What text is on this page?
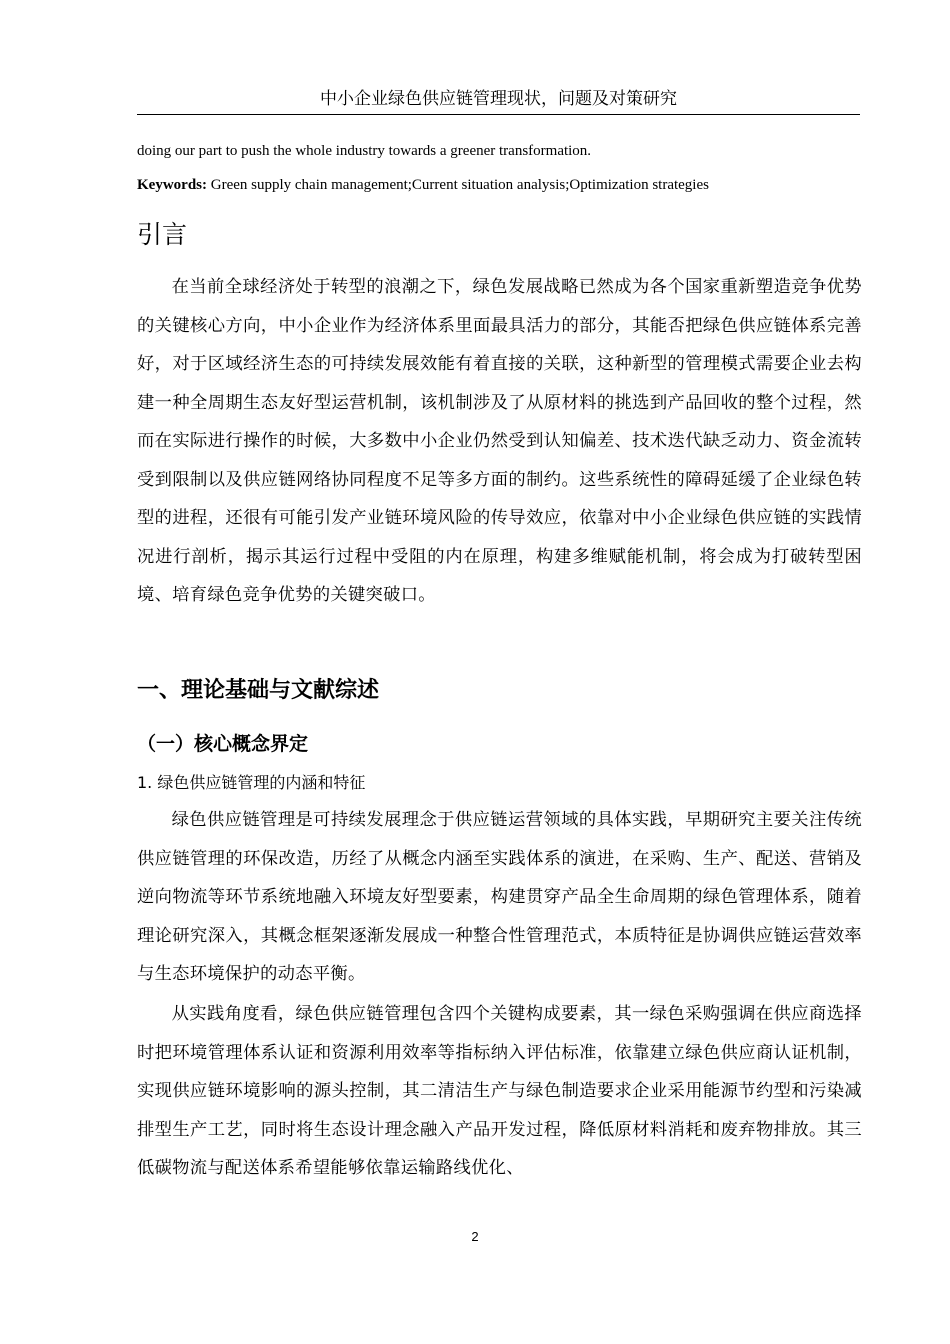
中小企业绿色供应链管理现状，问题及对策研究
doing our part to push the whole industry towards a greener transformation.
Keywords: Green supply chain management;Current situation analysis;Optimization strategies
引言

在当前全球经济处于转型的浪潮之下，绿色发展战略已然成为各个国家重新塑造竞争优势的关键核心方向，中小企业作为经济体系里面最具活力的部分，其能否把绿色供应链体系完善好，对于区域经济生态的可持续发展效能有着直接的关联，这种新型的管理模式需要企业去构建一种全周期生态友好型运营机制，该机制涉及了从原材料的挑选到产品回收的整个过程，然而在实际进行操作的时候，大多数中小企业仍然受到认知偏差、技术迭代缺乏动力、资金流转受到限制以及供应链网络协同程度不足等多方面的制约。这些系统性的障碍延缓了企业绿色转型的进程，还很有可能引发产业链环境风险的传导效应，依靠对中小企业绿色供应链的实践情况进行剖析，揭示其运行过程中受阻的内在原理，构建多维赋能机制，将会成为打破转型困境、培育绿色竞争优势的关键突破口。

一、理论基础与文献综述
（一）核心概念界定
1. 绿色供应链管理的内涵和特征

绿色供应链管理是可持续发展理念于供应链运营领域的具体实践，早期研究主要关注传统供应链管理的环保改造，历经了从概念内涵至实践体系的演进，在采购、生产、配送、营销及逆向物流等环节系统地融入环境友好型要素，构建贯穿产品全生命周期的绿色管理体系，随着理论研究深入，其概念框架逐渐发展成一种整合性管理范式，本质特征是协调供应链运营效率与生态环境保护的动态平衡。

从实践角度看，绿色供应链管理包含四个关键构成要素，其一绿色采购强调在供应商选择时把环境管理体系认证和资源利用效率等指标纳入评估标准，依靠建立绿色供应商认证机制，实现供应链环境影响的源头控制，其二清洁生产与绿色制造要求企业采用能源节约型和污染减排型生产工艺，同时将生态设计理念融入产品开发过程，降低原材料消耗和废弃物排放。其三低碳物流与配送体系希望能够依靠运输路线优化、

2
